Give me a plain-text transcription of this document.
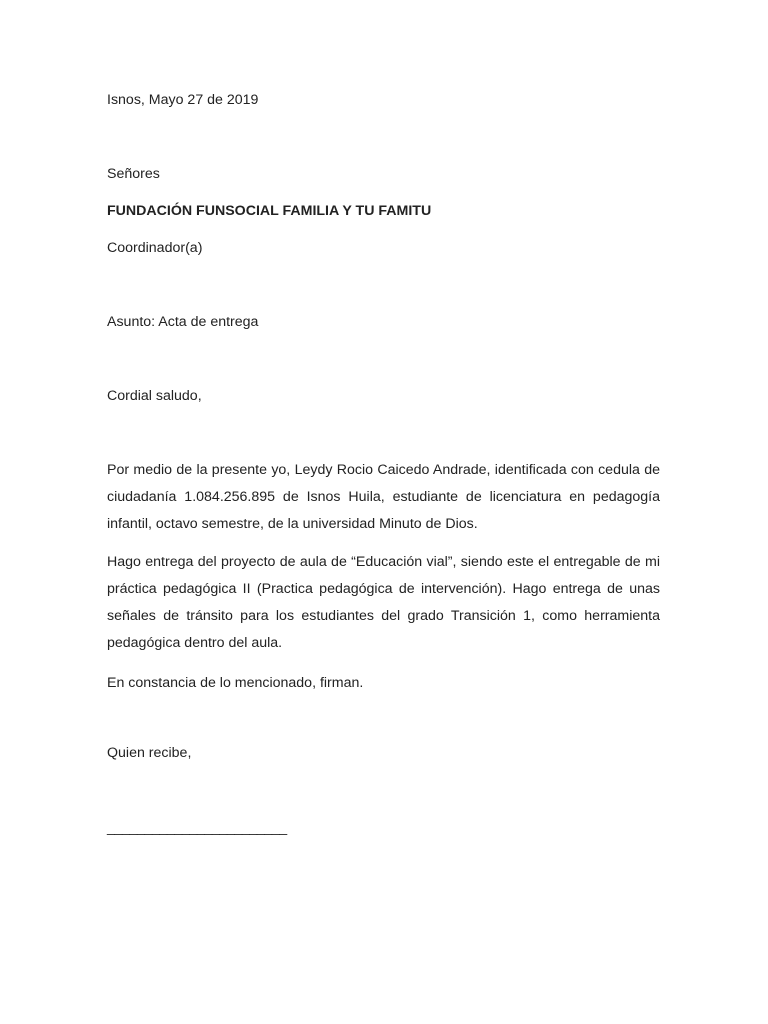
Isnos, Mayo 27 de 2019

Señores

FUNDACIÓN FUNSOCIAL FAMILIA Y TU FAMITU

Coordinador(a)

Asunto: Acta de entrega

Cordial saludo,

Por medio de la presente yo, Leydy Rocio Caicedo Andrade, identificada con cedula de ciudadanía 1.084.256.895 de Isnos Huila, estudiante de licenciatura en pedagogía infantil, octavo semestre, de la universidad Minuto de Dios.

Hago entrega del proyecto de aula de “Educación vial”, siendo este el entregable de mi práctica pedagógica II (Practica pedagógica de intervención). Hago entrega de unas señales de tránsito para los estudiantes del grado Transición 1, como herramienta pedagógica dentro del aula.

En constancia de lo mencionado, firman.

Quien recibe,

________________________
